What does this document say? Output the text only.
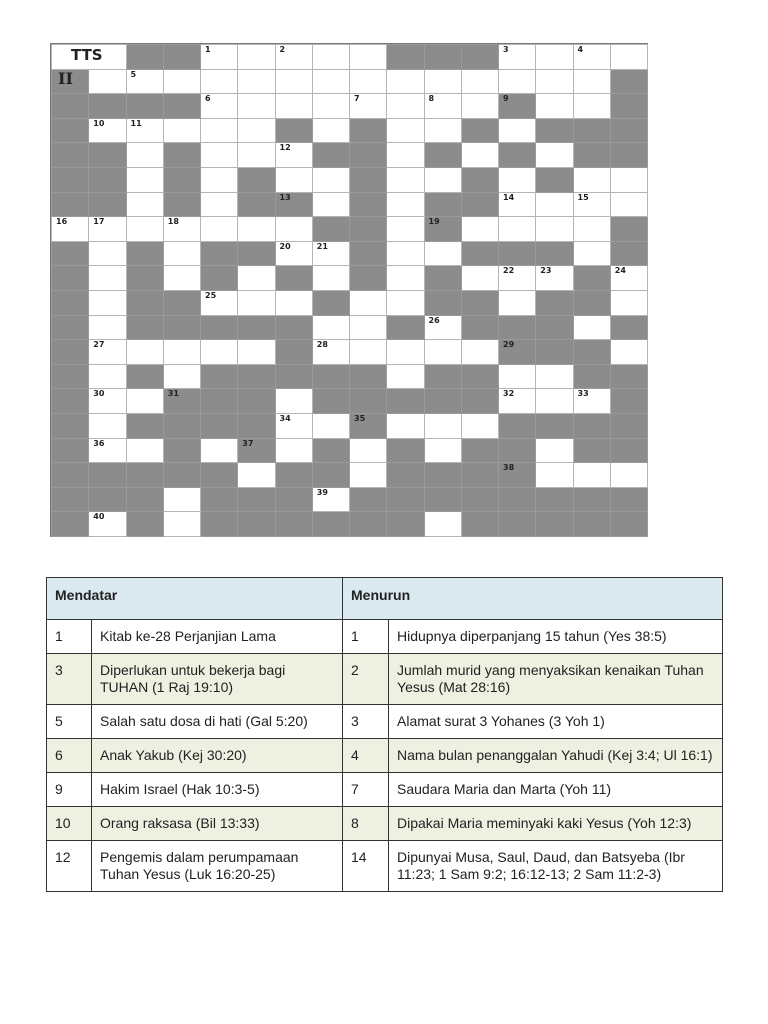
40
39
38
37
36
35
34
33
32
31
30
29
28
27
26
25
24
23
22
21
20
19
18
17
16
15
14
13
12
11
10
9
8
7
6
5
4
3
2
1
TTS
II
Mendatar		Menurun	
1	Kitab ke-28 Perjanjian Lama	1	Hidupnya diperpanjang 15 tahun (Yes 38:5)
3	Diperlukan untuk bekerja bagi TUHAN (1 Raj 19:10)	2	Jumlah murid yang menyaksikan kenaikan Tuhan Yesus (Mat 28:16)
5	Salah satu dosa di hati (Gal 5:20)	3	Alamat surat 3 Yohanes (3 Yoh 1)
6	Anak Yakub (Kej 30:20)	4	Nama bulan penanggalan Yahudi (Kej 3:4; Ul 16:1)
9	Hakim Israel (Hak 10:3-5)	7	Saudara Maria dan Marta (Yoh 11)
10	Orang raksasa (Bil 13:33)	8	Dipakai Maria meminyaki kaki Yesus (Yoh 12:3)
12	Pengemis dalam perumpamaan Tuhan Yesus (Luk 16:20-25)	14	Dipunyai Musa, Saul, Daud, dan Batsyeba (Ibr 11:23; 1 Sam 9:2; 16:12-13; 2 Sam 11:2-3)
